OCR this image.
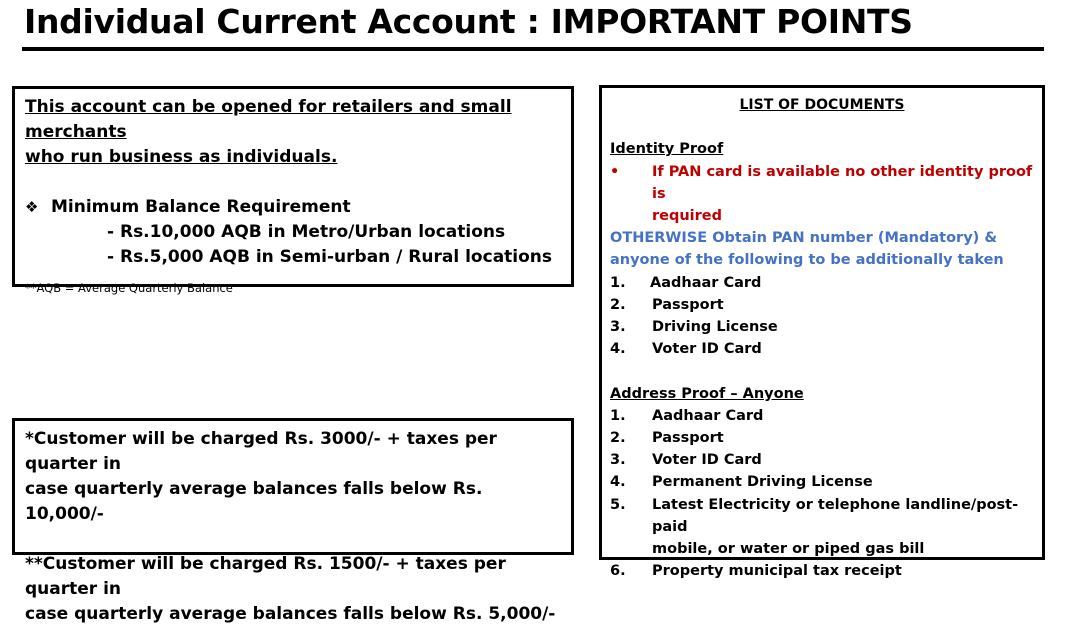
Individual Current Account : IMPORTANT POINTS
This account can be opened for retailers and small merchants
who run business as individuals.
❖ Minimum Balance Requirement
- Rs.10,000 AQB in Metro/Urban locations
- Rs.5,000 AQB in Semi-urban / Rural locations
**AQB = Average Quarterly Balance
*Customer will be charged Rs. 3000/- + taxes per quarter in
case quarterly average balances falls below Rs. 10,000/-
**Customer will be charged Rs. 1500/- + taxes per quarter in
case quarterly average balances falls below Rs. 5,000/-
LIST OF DOCUMENTS
Identity Proof
•	If PAN card is available no other identity proof is
required
OTHERWISE Obtain PAN number (Mandatory) &
anyone of the following to be additionally taken
1.	Aadhaar Card
2.	Passport
3.	Driving License
4.	Voter ID Card
Address Proof – Anyone
1.	Aadhaar Card
2.	Passport
3.	Voter ID Card
4.	Permanent Driving License
5.	Latest Electricity or telephone landline/post-paid
mobile, or water or piped gas bill
6.	Property municipal tax receipt
